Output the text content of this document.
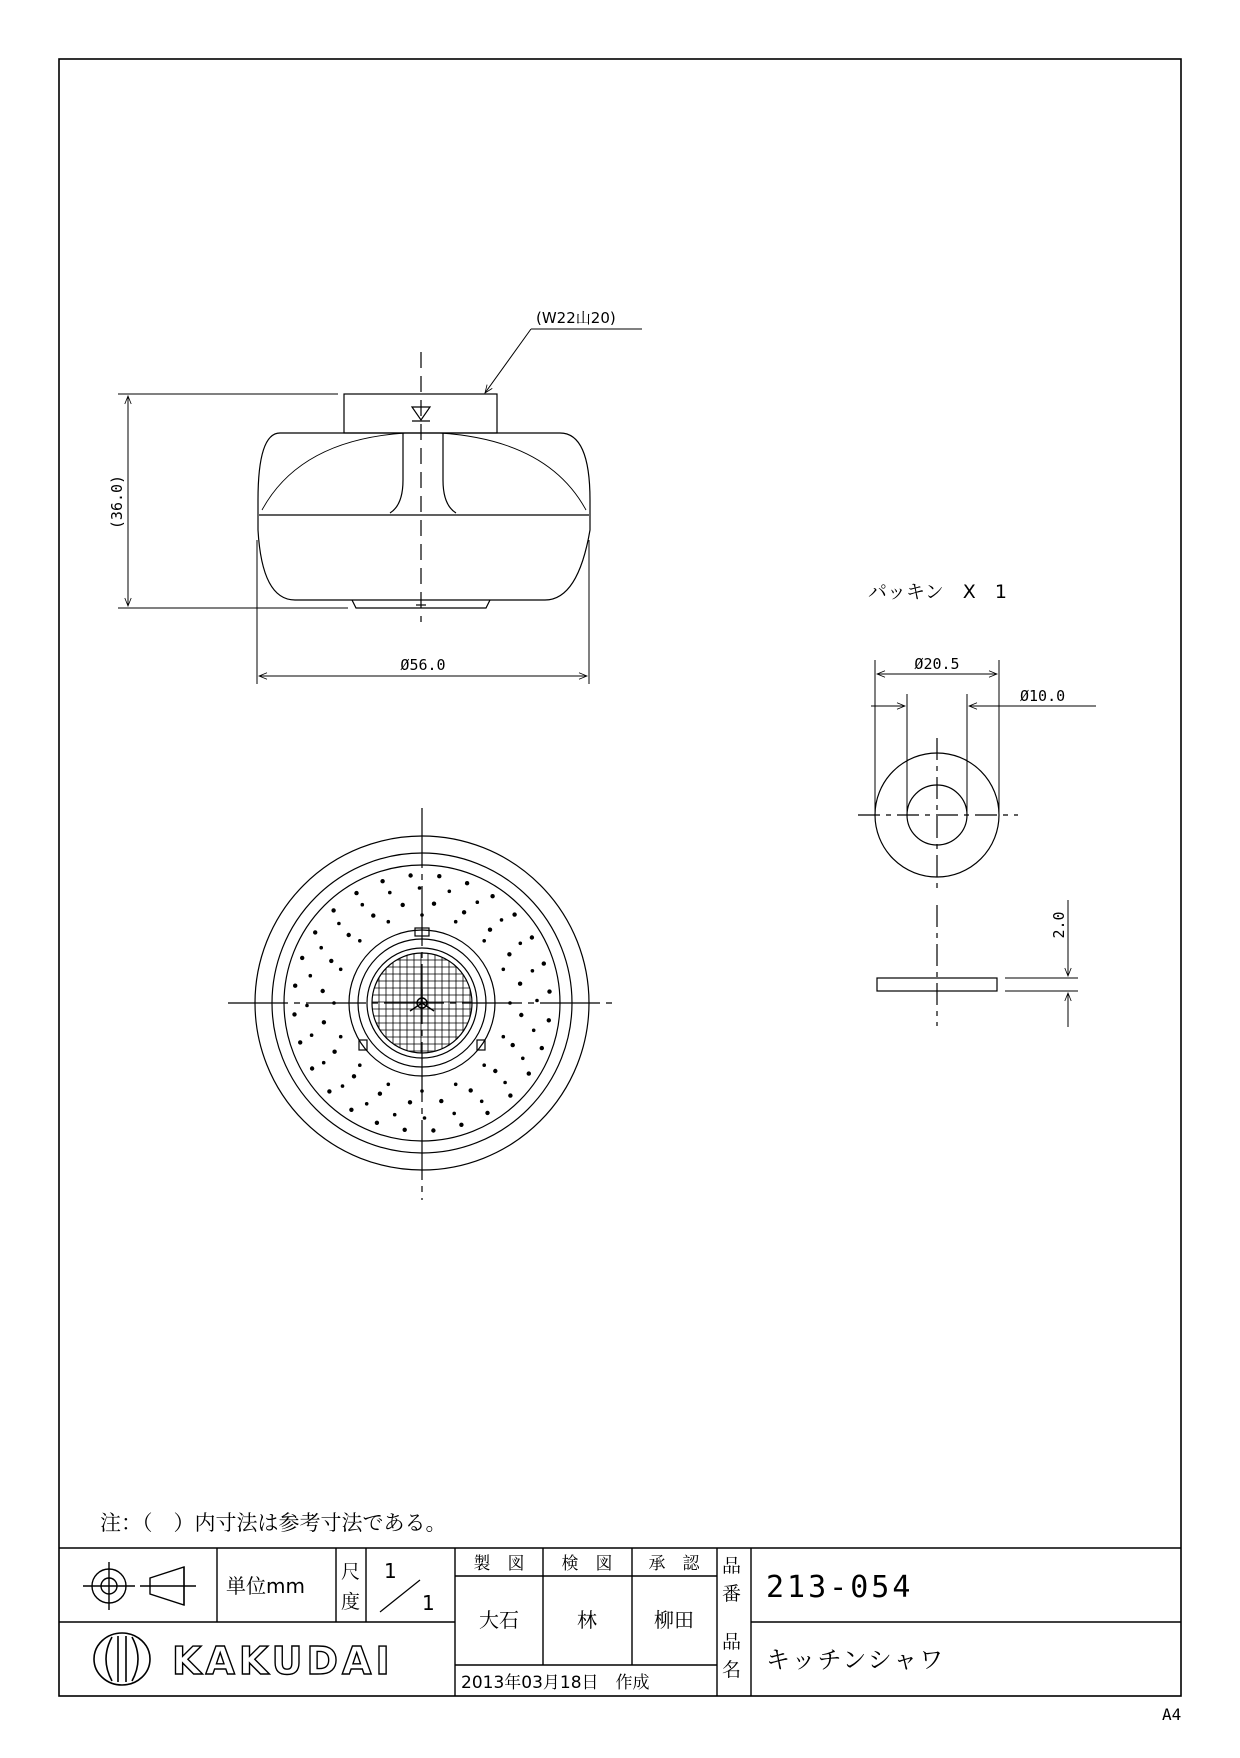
(W22山20)
(36.0)
Ø56.0
パッキン　X　1
Ø20.5
Ø10.0
2.0
注：（　）内寸法は参考寸法である。
単位mm
尺
度
1
1
製　図 検　図 承　認
大石	林	柳田
2013年03月18日　作成
品
番 213-054
品
名 キッチンシャワ
KAKUDAI
A4
